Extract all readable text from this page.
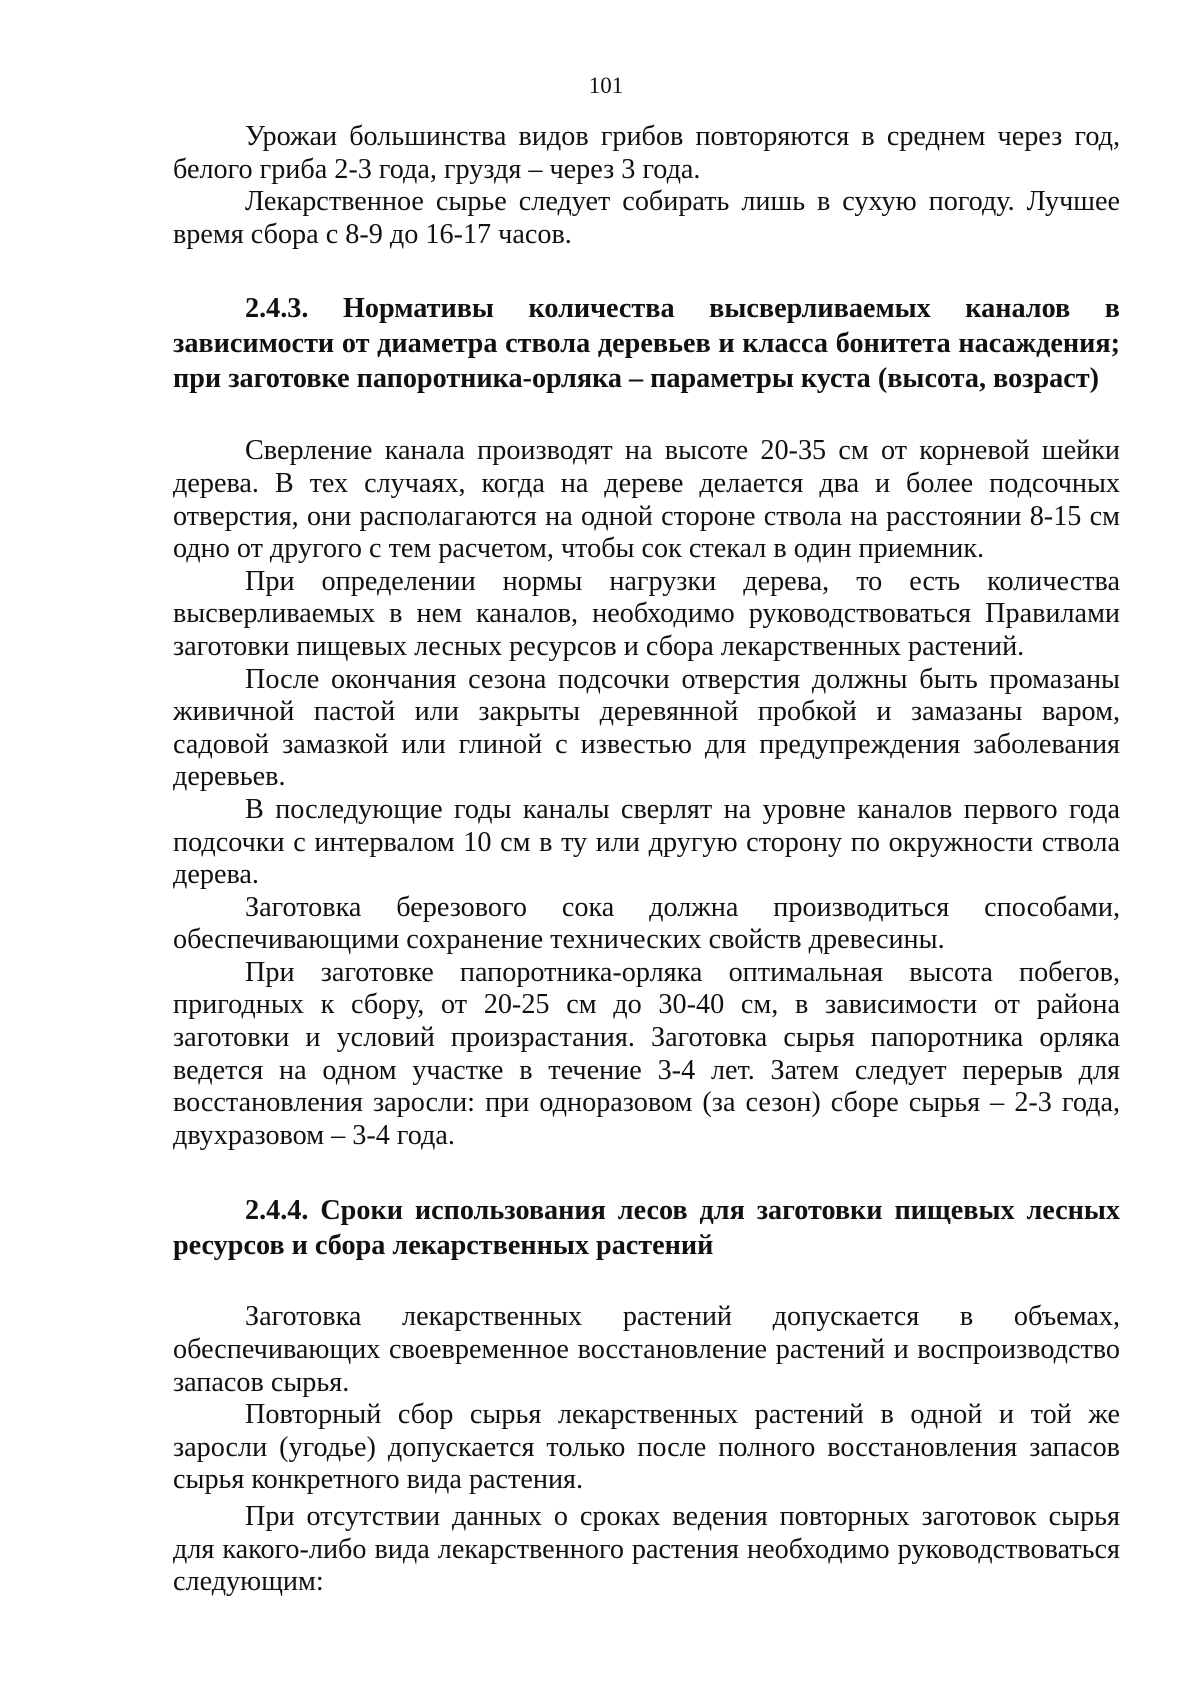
101

Урожаи большинства видов грибов повторяются в среднем через год, белого гриба 2-3 года, груздя – через 3 года.

Лекарственное сырье следует собирать лишь в сухую погоду. Лучшее время сбора с 8-9 до 16-17 часов.

2.4.3. Нормативы количества высверливаемых каналов в зависимости от диаметра ствола деревьев и класса бонитета насаждения; при заготовке папоротника-орляка – параметры куста (высота, возраст)

Сверление канала производят на высоте 20-35 см от корневой шейки дерева. В тех случаях, когда на дереве делается два и более подсочных отверстия, они располагаются на одной стороне ствола на расстоянии 8-15 см одно от другого с тем расчетом, чтобы сок стекал в один приемник.

При определении нормы нагрузки дерева, то есть количества высверливаемых в нем каналов, необходимо руководствоваться Правилами заготовки пищевых лесных ресурсов и сбора лекарственных растений.

После окончания сезона подсочки отверстия должны быть промазаны живичной пастой или закрыты деревянной пробкой и замазаны варом, садовой замазкой или глиной с известью для предупреждения заболевания деревьев.

В последующие годы каналы сверлят на уровне каналов первого года подсочки с интервалом 10 см в ту или другую сторону по окружности ствола дерева.

Заготовка березового сока должна производиться способами, обеспечивающими сохранение технических свойств древесины.

При заготовке папоротника-орляка оптимальная высота побегов, пригодных к сбору, от 20-25 см до 30-40 см, в зависимости от района заготовки и условий произрастания. Заготовка сырья папоротника орляка ведется на одном участке в течение 3-4 лет. Затем следует перерыв для восстановления заросли: при одноразовом (за сезон) сборе сырья – 2-3 года, двухразовом – 3-4 года.

2.4.4. Сроки использования лесов для заготовки пищевых лесных ресурсов и сбора лекарственных растений

Заготовка лекарственных растений допускается в объемах, обеспечивающих своевременное восстановление растений и воспроизводство запасов сырья.

Повторный сбор сырья лекарственных растений в одной и той же заросли (угодье) допускается только после полного восстановления запасов сырья конкретного вида растения.

При отсутствии данных о сроках ведения повторных заготовок сырья для какого-либо вида лекарственного растения необходимо руководствоваться следующим:
